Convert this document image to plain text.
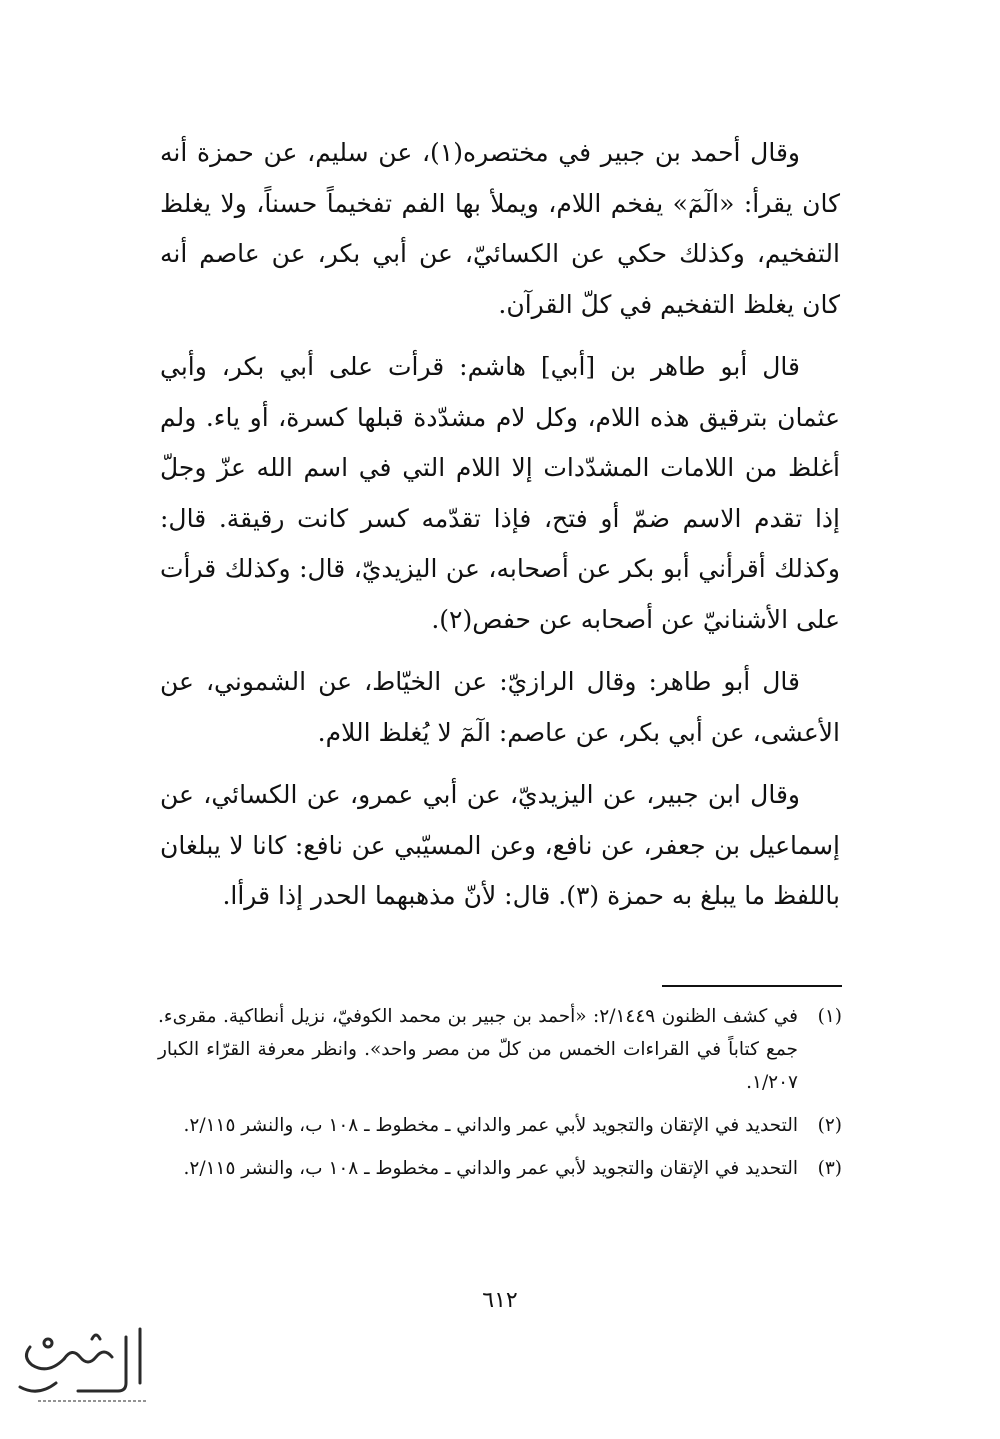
وقال أحمد بن جبير في مختصره(١)، عن سليم، عن حمزة أنه كان يقرأ: «الٓمٓ» يفخم اللام، ويملأ بها الفم تفخيماً حسناً، ولا يغلظ التفخيم، وكذلك حكي عن الكسائيّ، عن أبي بكر، عن عاصم أنه كان يغلظ التفخيم في كلّ القرآن.

قال أبو طاهر بن [أبي] هاشم: قرأت على أبي بكر، وأبي عثمان بترقيق هذه اللام، وكل لام مشدّدة قبلها كسرة، أو ياء. ولم أغلظ من اللامات المشدّدات إلا اللام التي في اسم الله عزّ وجلّ إذا تقدم الاسم ضمّ أو فتح، فإذا تقدّمه كسر كانت رقيقة. قال: وكذلك أقرأني أبو بكر عن أصحابه، عن اليزيديّ، قال: وكذلك قرأت على الأشنانيّ عن أصحابه عن حفص(٢).

قال أبو طاهر: وقال الرازيّ: عن الخيّاط، عن الشموني، عن الأعشى، عن أبي بكر، عن عاصم: الٓمٓ لا يُغلظ اللام.

وقال ابن جبير، عن اليزيديّ، عن أبي عمرو، عن الكسائي، عن إسماعيل بن جعفر، عن نافع، وعن المسيّبي عن نافع: كانا لا يبلغان باللفظ ما يبلغ به حمزة (٣). قال: لأنّ مذهبهما الحدر إذا قرأا.

(١)
في كشف الظنون ٢/١٤٤٩: «أحمد بن جبير بن محمد الكوفيّ، نزيل أنطاكية. مقرىء. جمع كتاباً في القراءات الخمس من كلّ من مصر واحد». وانظر معرفة القرّاء الكبار ١/٢٠٧.
(٢)
التحديد في الإتقان والتجويد لأبي عمر والداني ـ مخطوط ـ ١٠٨ ب، والنشر ٢/١١٥.
(٣)
التحديد في الإتقان والتجويد لأبي عمر والداني ـ مخطوط ـ ١٠٨ ب، والنشر ٢/١١٥.
٦١٢
